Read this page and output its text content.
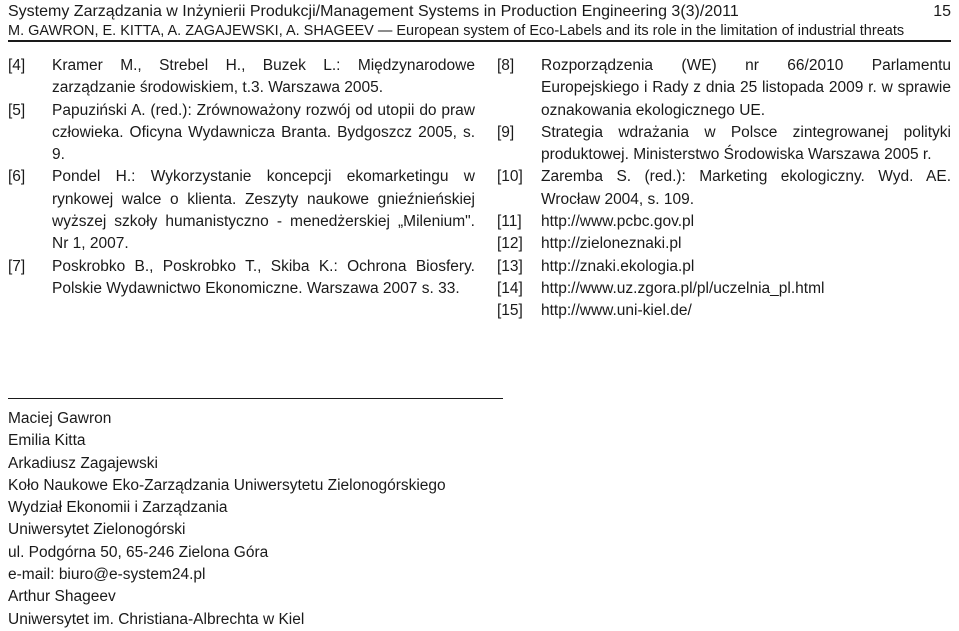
Systemy Zarządzania w Inżynierii Produkcji/Management Systems in Production Engineering 3(3)/2011	15
M. GAWRON, E. KITTA, A. ZAGAJEWSKI, A. SHAGEEV — European system of Eco-Labels and its role in the limitation of industrial threats
[4]	Kramer M., Strebel H., Buzek L.: Międzynarodowe zarządzanie środowiskiem, t.3. Warszawa 2005.
[5]	Papuziński A. (red.): Zrównoważony rozwój od utopii do praw człowieka. Oficyna Wydawnicza Branta. Bydgoszcz 2005, s. 9.
[6]	Pondel H.: Wykorzystanie koncepcji ekomarketingu w rynkowej walce o klienta. Zeszyty naukowe gnieźnieńskiej wyższej szkoły humanistyczno - menedżerskiej „Milenium". Nr 1, 2007.
[7]	Poskrobko B., Poskrobko T., Skiba K.: Ochrona Biosfery. Polskie Wydawnictwo Ekonomiczne. Warszawa 2007 s. 33.
[8]	Rozporządzenia (WE) nr 66/2010 Parlamentu Europejskiego i Rady z dnia 25 listopada 2009 r. w sprawie oznakowania ekologicznego UE.
[9]	Strategia wdrażania w Polsce zintegrowanej polityki produktowej. Ministerstwo Środowiska Warszawa 2005 r.
[10]	Zaremba S. (red.): Marketing ekologiczny. Wyd. AE. Wrocław 2004, s. 109.
[11]	http://www.pcbc.gov.pl
[12]	http://zieloneznaki.pl
[13]	http://znaki.ekologia.pl
[14]	http://www.uz.zgora.pl/pl/uczelnia_pl.html
[15]	http://www.uni-kiel.de/
Maciej Gawron
Emilia Kitta
Arkadiusz Zagajewski
Koło Naukowe Eko-Zarządzania Uniwersytetu Zielonogórskiego
Wydział Ekonomii i Zarządzania
Uniwersytet Zielonogórski
ul. Podgórna 50, 65-246 Zielona Góra
e-mail: biuro@e-system24.pl
Arthur Shageev
Uniwersytet im. Christiana-Albrechta w Kiel
